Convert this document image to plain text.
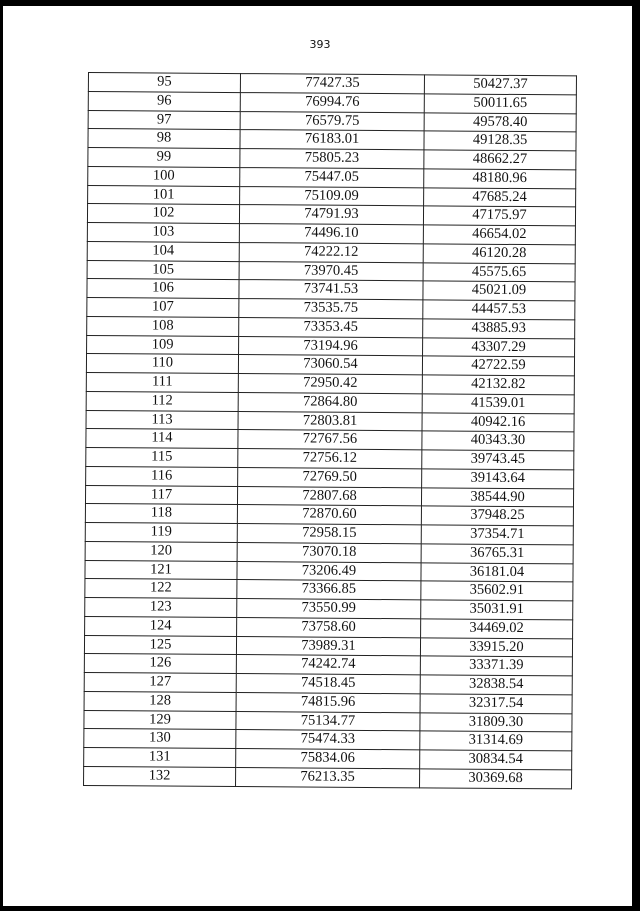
393
95	77427.35	50427.37
96	76994.76	50011.65
97	76579.75	49578.40
98	76183.01	49128.35
99	75805.23	48662.27
100	75447.05	48180.96
101	75109.09	47685.24
102	74791.93	47175.97
103	74496.10	46654.02
104	74222.12	46120.28
105	73970.45	45575.65
106	73741.53	45021.09
107	73535.75	44457.53
108	73353.45	43885.93
109	73194.96	43307.29
110	73060.54	42722.59
111	72950.42	42132.82
112	72864.80	41539.01
113	72803.81	40942.16
114	72767.56	40343.30
115	72756.12	39743.45
116	72769.50	39143.64
117	72807.68	38544.90
118	72870.60	37948.25
119	72958.15	37354.71
120	73070.18	36765.31
121	73206.49	36181.04
122	73366.85	35602.91
123	73550.99	35031.91
124	73758.60	34469.02
125	73989.31	33915.20
126	74242.74	33371.39
127	74518.45	32838.54
128	74815.96	32317.54
129	75134.77	31809.30
130	75474.33	31314.69
131	75834.06	30834.54
132	76213.35	30369.68
